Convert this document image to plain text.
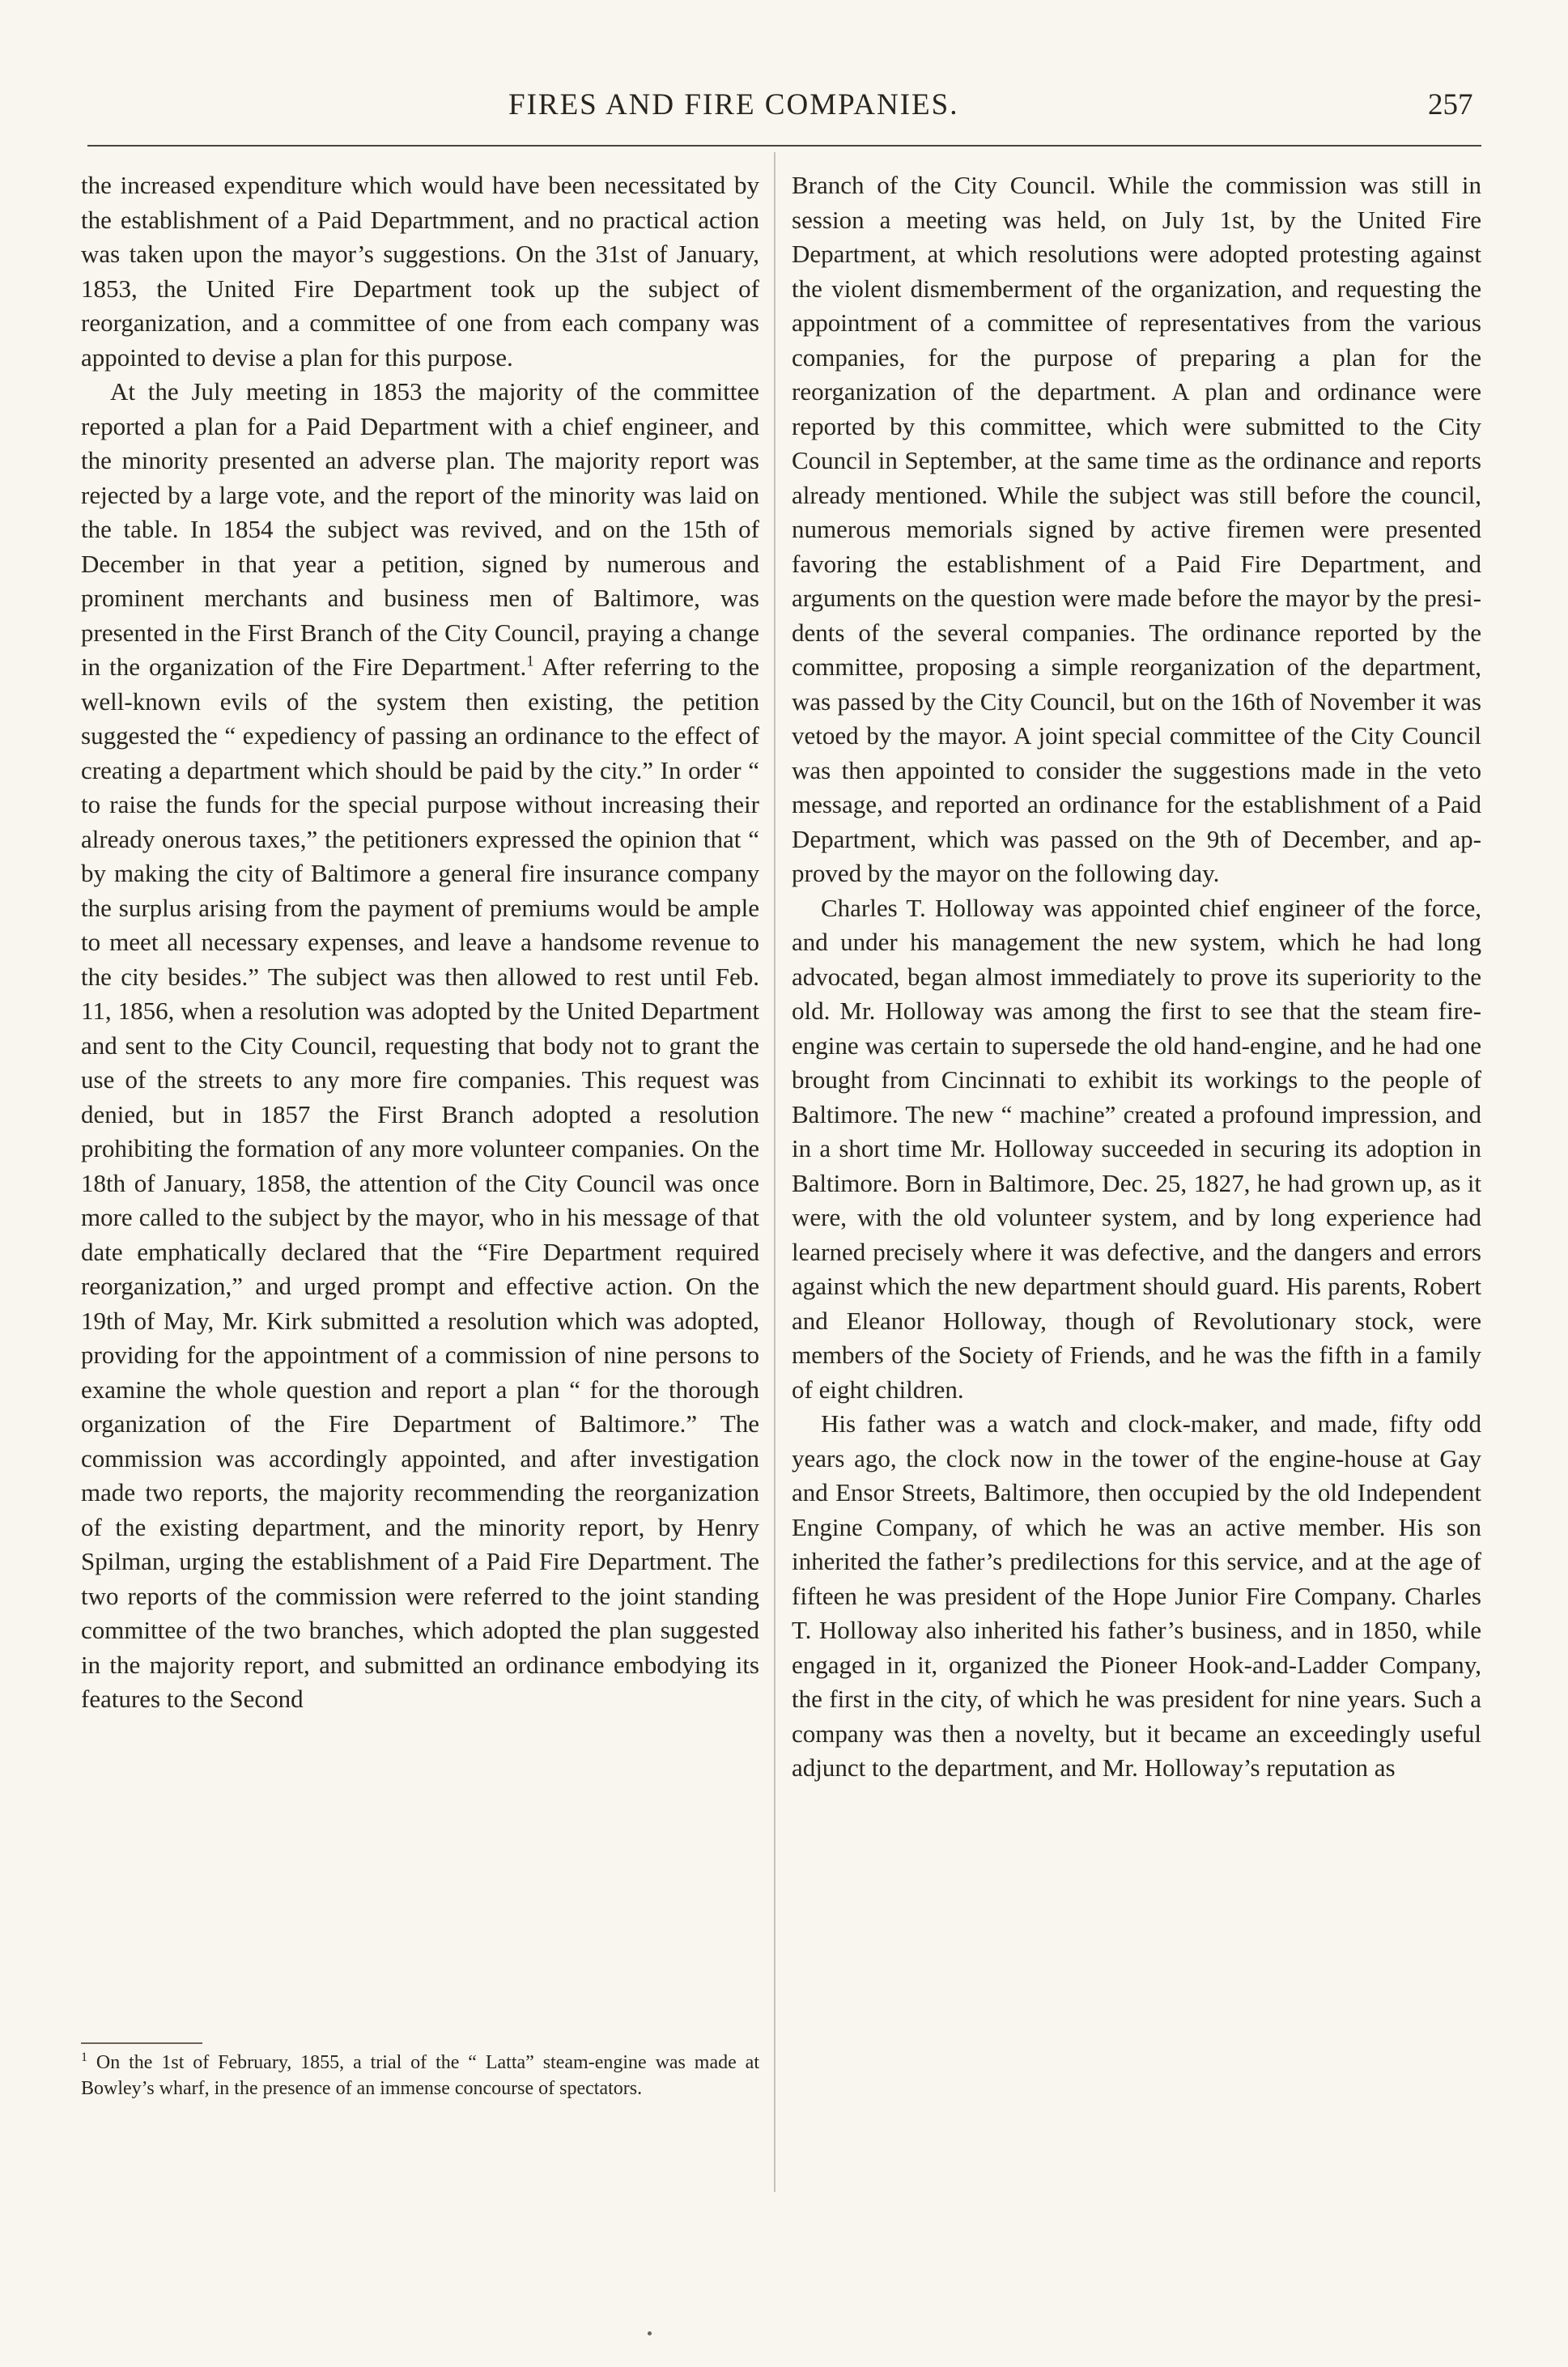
FIRES AND FIRE COMPANIES.	257

the increased expenditure which would have been necessitated by the establishment of a Paid Departmment, and no practical action was taken upon the mayor’s suggestions. On the 31st of January, 1853, the United Fire Department took up the subject of reorganization, and a committee of one from each company was appointed to devise a plan for this purpose.

At the July meeting in 1853 the majority of the committee reported a plan for a Paid Department with a chief engineer, and the minority presented an adverse plan. The majority report was rejected by a large vote, and the report of the minority was laid on the table. In 1854 the subject was revived, and on the 15th of December in that year a petition, signed by numerous and prominent merchants and business men of Baltimore, was presented in the First Branch of the City Council, praying a change in the organization of the Fire Department.$^1$ After referring to the well-known evils of the system then existing, the petition suggested the “ expediency of passing an ordinance to the effect of creating a department which should be paid by the city.” In order “ to raise the funds for the special purpose without increasing their already onerous taxes,” the petitioners expressed the opinion that “ by making the city of Baltimore a general fire insurance company the surplus arising from the payment of premiums would be ample to meet all necessary expenses, and leave a handsome revenue to the city besides.” The subject was then allowed to rest until Feb. 11, 1856, when a resolution was adopted by the United Department and sent to the City Council, requesting that body not to grant the use of the streets to any more fire companies. This request was denied, but in 1857 the First Branch adopted a resolution prohibiting the formation of any more volunteer companies. On the 18th of January, 1858, the attention of the City Council was once more called to the subject by the mayor, who in his message of that date emphatically declared that the “Fire Department required reorganization,” and urged prompt and effective action. On the 19th of May, Mr. Kirk submitted a resolution which was adopted, providing for the appointment of a commission of nine persons to examine the whole question and report a plan “ for the thorough organization of the Fire Department of Baltimore.” The commission was accordingly appointed, and after investigation made two reports, the majority recommending the reorganization of the existing department, and the minority report, by Henry Spilman, urging the establishment of a Paid Fire Department. The two reports of the commission were referred to the joint standing committee of the two branches, which adopted the plan suggested in the majority report, and submitted an ordinance embodying its features to the Second

$^1$ On the 1st of February, 1855, a trial of the “ Latta” steam-engine was made at Bowley’s wharf, in the presence of an immense concourse of spectators.

Branch of the City Council. While the commission was still in session a meeting was held, on July 1st, by the United Fire Department, at which resolutions were adopted protesting against the violent dismemberment of the organization, and requesting the appointment of a committee of representatives from the various companies, for the purpose of preparing a plan for the reorganization of the department. A plan and ordinance were reported by this committee, which were submitted to the City Council in September, at the same time as the ordinance and reports already mentioned. While the subject was still before the council, numerous memorials signed by active firemen were presented favoring the establishment of a Paid Fire Department, and arguments on the question were made before the mayor by the presidents of the several companies. The ordinance reported by the committee, proposing a simple reorganization of the department, was passed by the City Council, but on the 16th of November it was vetoed by the mayor. A joint special committee of the City Council was then appointed to consider the suggestions made in the veto message, and reported an ordinance for the establishment of a Paid Department, which was passed on the 9th of December, and approved by the mayor on the following day.

Charles T. Holloway was appointed chief engineer of the force, and under his management the new system, which he had long advocated, began almost immediately to prove its superiority to the old. Mr. Holloway was among the first to see that the steam fire-engine was certain to supersede the old hand-engine, and he had one brought from Cincinnati to exhibit its workings to the people of Baltimore. The new “ machine” created a profound impression, and in a short time Mr. Holloway succeeded in securing its adoption in Baltimore. Born in Baltimore, Dec. 25, 1827, he had grown up, as it were, with the old volunteer system, and by long experience had learned precisely where it was defective, and the dangers and errors against which the new department should guard. His parents, Robert and Eleanor Holloway, though of Revolutionary stock, were members of the Society of Friends, and he was the fifth in a family of eight children.

His father was a watch and clock-maker, and made, fifty odd years ago, the clock now in the tower of the engine-house at Gay and Ensor Streets, Baltimore, then occupied by the old Independent Engine Company, of which he was an active member. His son inherited the father’s predilections for this service, and at the age of fifteen he was president of the Hope Junior Fire Company. Charles T. Holloway also inherited his father’s business, and in 1850, while engaged in it, organized the Pioneer Hook-and-Ladder Company, the first in the city, of which he was president for nine years. Such a company was then a novelty, but it became an exceedingly useful adjunct to the department, and Mr. Holloway’s reputation as
